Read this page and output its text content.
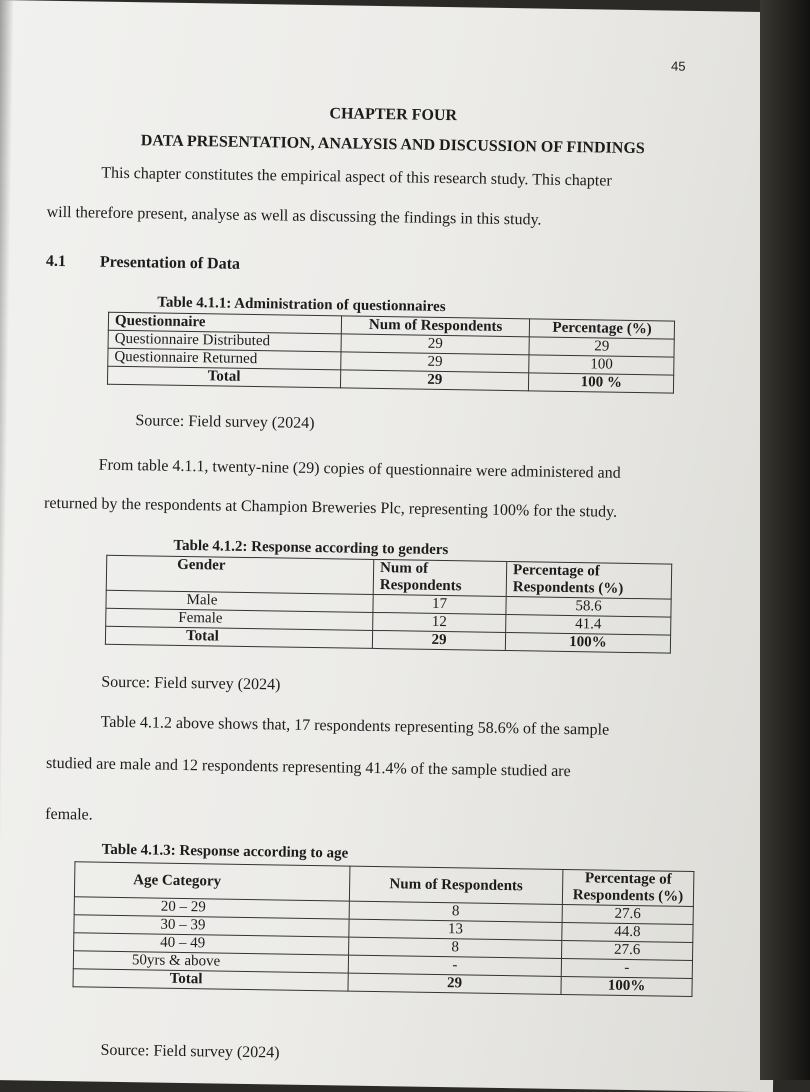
45
CHAPTER FOUR
DATA PRESENTATION, ANALYSIS AND DISCUSSION OF FINDINGS
This chapter constitutes the empirical aspect of this research study. This chapter
will therefore present, analyse as well as discussing the findings in this study.
4.1 Presentation of Data
Table 4.1.1: Administration of questionnaires
Questionnaire	Num of Respondents	Percentage (%)
Questionnaire Distributed	29	29
Questionnaire Returned	29	100
Total	29	100 %
Source: Field survey (2024)
From table 4.1.1, twenty-nine (29) copies of questionnaire were administered and
returned by the respondents at Champion Breweries Plc, representing 100% for the study.
Table 4.1.2: Response according to genders
Gender	Num of Respondents	Percentage of Respondents (%)
Male	17	58.6
Female	12	41.4
Total	29	100%
Source: Field survey (2024)
Table 4.1.2 above shows that, 17 respondents representing 58.6% of the sample
studied are male and 12 respondents representing 41.4% of the sample studied are
female.
Table 4.1.3: Response according to age
Age Category	Num of Respondents	Percentage of Respondents (%)
20 – 29	8	27.6
30 – 39	13	44.8
40 – 49	8	27.6
50yrs & above	-	-
Total	29	100%
Source: Field survey (2024)
